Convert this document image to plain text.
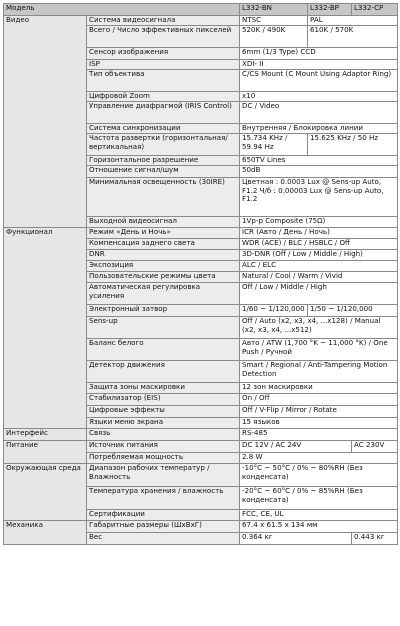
Модель		L332-BN	L332-BP	L332-CP
Видео	Система видеосигнала	NTSC	PAL	
	Всего / Число эффективных пикселей	520K / 490K	610K / 570K	
	Сенсор изображения	6mm (1/3 Type) CCD		
	ISP	XDI- II		
	Тип объектива	C/CS Mount (C Mount Using Adaptor Ring)		
	Цифровой Zoom	x10		
	Управление диафрагмой (IRIS Control)	DC / Video		
	Система синхронизации	Внутренняя / Блокировка линии		
	Частота развертки (горизонтальная/вертикальная)	15.734 KHz / 59.94 Hz	15.625 KHz / 50 Hz	
	Горизонтальное разрешение	650TV Lines		
	Отношение сигнал/шум	50dB		
	Минимальная освещенность (30IRE)	Цветная : 0.0003 Lux @ Sens-up Auto, F1.2 Ч/б : 0.00003 Lux @ Sens-up Auto, F1.2		
	Выходной видеосигнал	1Vp-p Composite (75Ω)		
Функционал	Режим «День и Ночь»	ICR (Авто / День / Ночь)		
	Компенсация заднего света	WDR (ACE) / BLC / HSBLC / Off		
	DNR	3D-DNR (Off / Low / Middle / High)		
	Экспозиция	ALC / ELC		
	Пользовательские режимы цвета	Natural / Cool / Warm / Vivid		
	Автоматическая регулировка усиления	Off / Low / Middle / High		
	Электронный затвор	1/60 ~ 1/120,000	1/50 ~ 1/120,000	
	Sens-up	Off / Auto (x2, x3, x4, ...x128) / Manual (x2, x3, x4, ...x512)		
	Баланс белого	Авто / ATW (1,700 °K ~ 11,000 °K) / One Push / Ручной		
	Детектор движения	Smart / Regional / Anti-Tampering Motion Detection		
	Защита зоны маскировки	12 зон маскировки		
	Стабилизатор (EIS)	On / Off		
	Цифровые эффекты	Off / V-Flip / Mirror / Rotate		
	Языки меню экрана	15 языков		
Интерфейс	Связь	RS-485		
Питание	Источник питания	DC 12V / AC 24V		AC 230V
	Потребляемая мощность	2.8 W		
Окружающая среда	Диапазон рабочих температур / Влажность	-10°C ~ 50°C / 0% ~ 80%RH (Без конденсата)		
	Температура хранения / влажность	-20°C ~ 60°C / 0% ~ 85%RH (Без конденсата)		
	Сертификации	FCC, CE, UL		
Механика	Габаритные размеры (ШхВхГ)	67.4 x 61.5 x 134 мм		
	Вес	0.364 кг		0.443 кг
